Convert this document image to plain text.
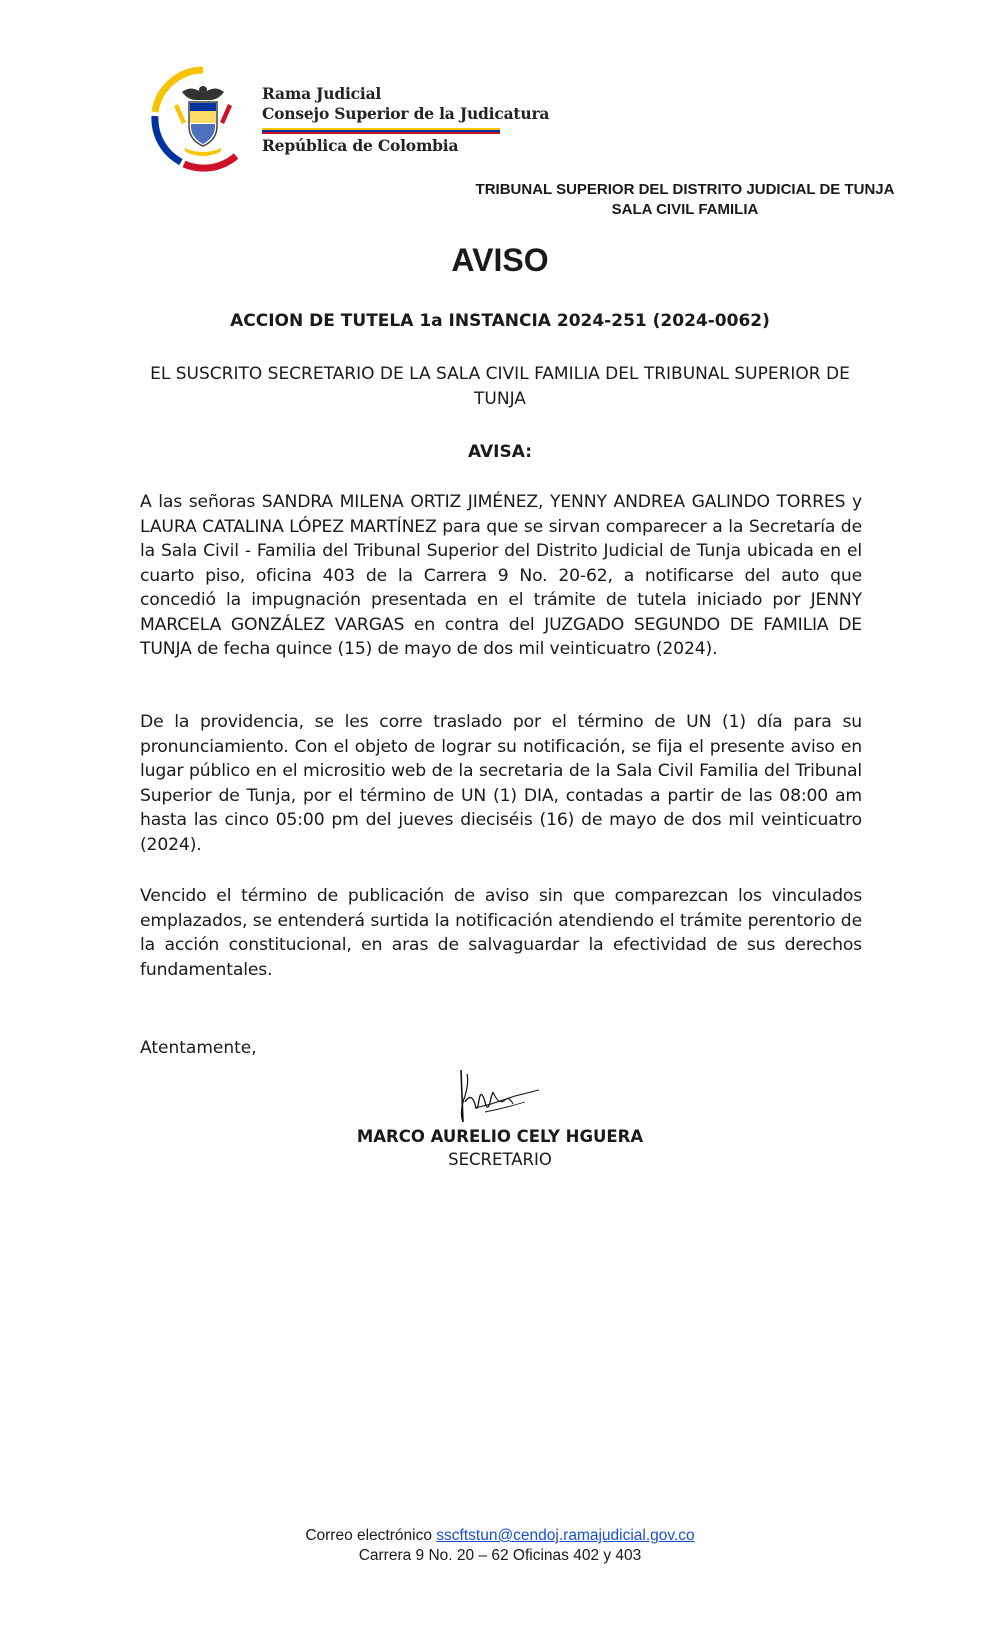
Rama Judicial
Consejo Superior de la Judicatura
República de Colombia
TRIBUNAL SUPERIOR DEL DISTRITO JUDICIAL DE TUNJA
SALA CIVIL FAMILIA
AVISO
ACCION DE TUTELA 1a INSTANCIA 2024-251 (2024-0062)
EL SUSCRITO SECRETARIO DE LA SALA CIVIL FAMILIA DEL TRIBUNAL SUPERIOR DE TUNJA
AVISA:
A las señoras SANDRA MILENA ORTIZ JIMÉNEZ, YENNY ANDREA GALINDO TORRES y LAURA CATALINA LÓPEZ MARTÍNEZ para que se sirvan comparecer a la Secretaría de la Sala Civil - Familia del Tribunal Superior del Distrito Judicial de Tunja ubicada en el cuarto piso, oficina 403 de la Carrera 9 No. 20-62, a notificarse del auto que concedió la impugnación presentada en el trámite de tutela iniciado por JENNY MARCELA GONZÁLEZ VARGAS en contra del JUZGADO SEGUNDO DE FAMILIA DE TUNJA de fecha quince (15) de mayo de dos mil veinticuatro (2024).
De la providencia, se les corre traslado por el término de UN (1) día para su pronunciamiento. Con el objeto de lograr su notificación, se fija el presente aviso en lugar público en el micrositio web de la secretaria de la Sala Civil Familia del Tribunal Superior de Tunja, por el término de UN (1) DIA, contadas a partir de las 08:00 am hasta las cinco 05:00 pm del jueves dieciséis (16) de mayo de dos mil veinticuatro (2024).
Vencido el término de publicación de aviso sin que comparezcan los vinculados emplazados, se entenderá surtida la notificación atendiendo el trámite perentorio de la acción constitucional, en aras de salvaguardar la efectividad de sus derechos fundamentales.
Atentamente,
MARCO AURELIO CELY HGUERA
SECRETARIO
Correo electrónico sscftstun@cendoj.ramajudicial.gov.co
Carrera 9 No. 20 – 62 Oficinas 402 y 403
